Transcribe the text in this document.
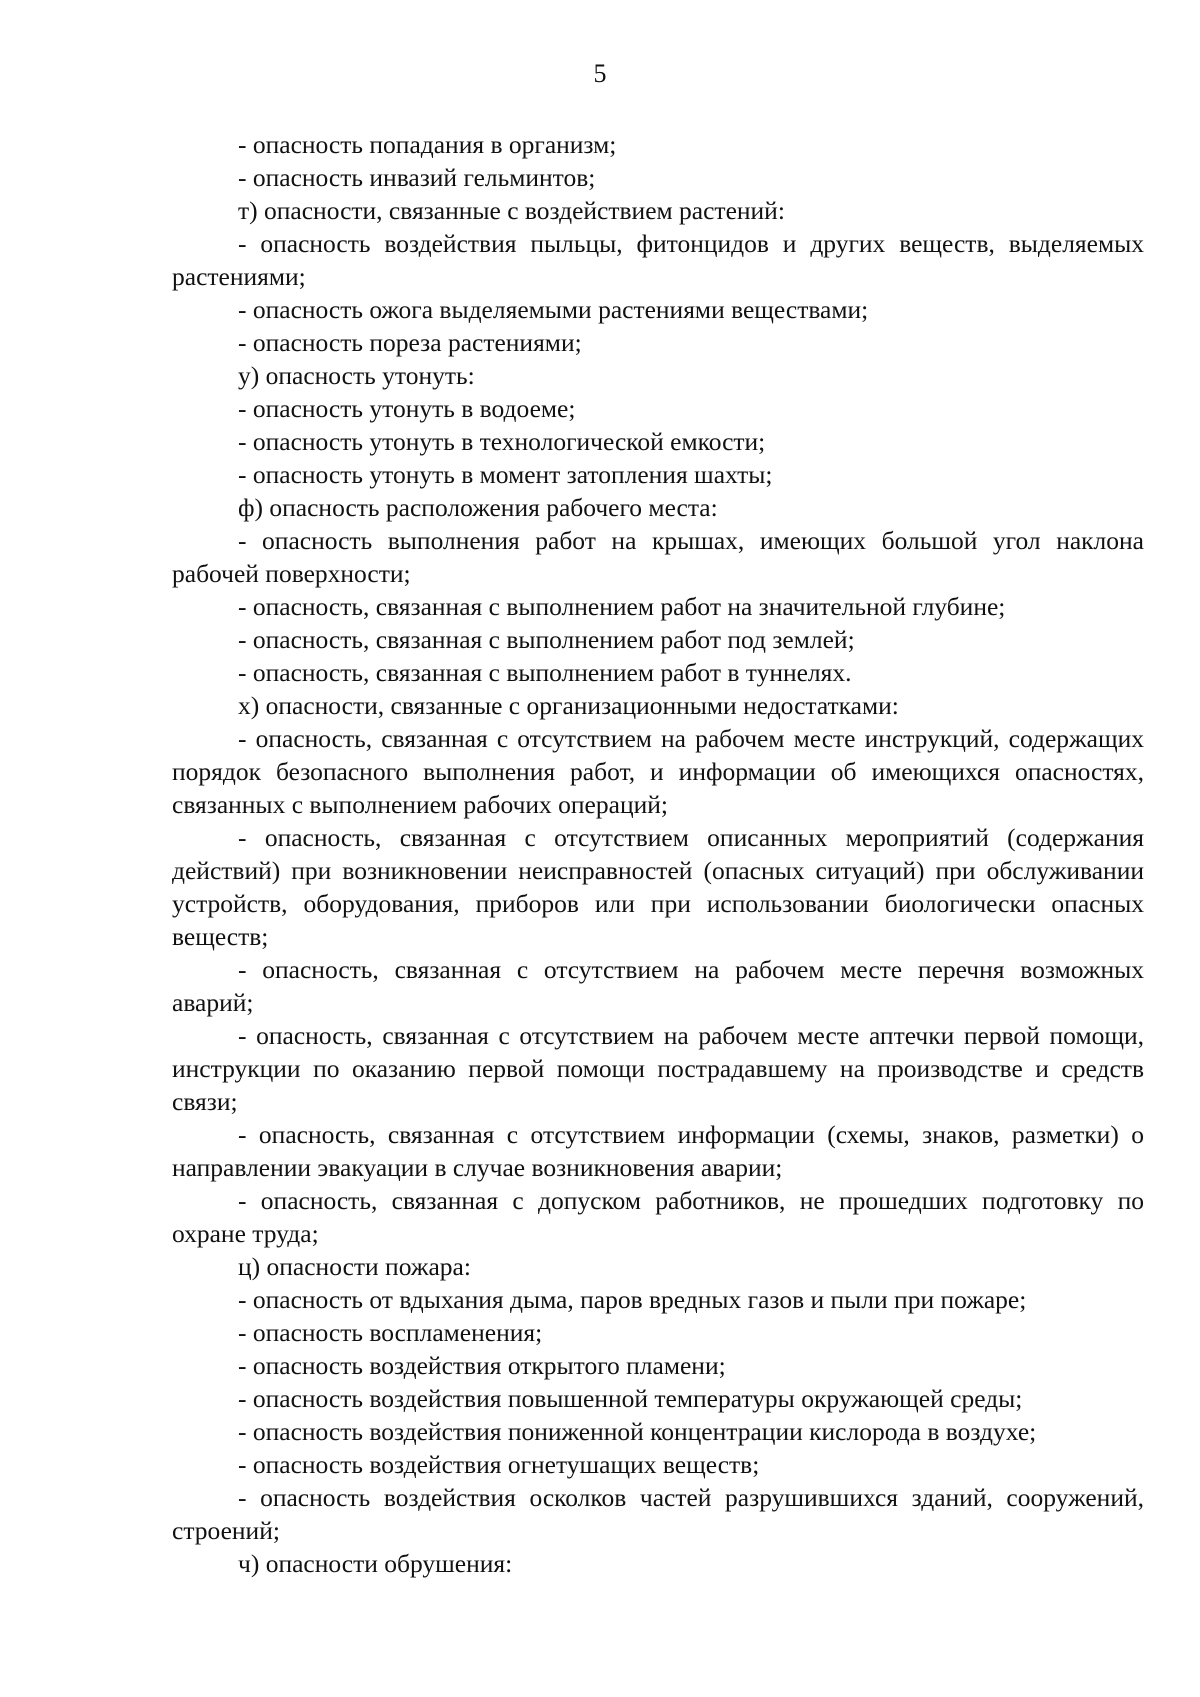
5

- опасность попадания в организм;

- опасность инвазий гельминтов;

т) опасности, связанные с воздействием растений:

- опасность воздействия пыльцы, фитонцидов и других веществ, выделяемых растениями;

- опасность ожога выделяемыми растениями веществами;

- опасность пореза растениями;

у) опасность утонуть:

- опасность утонуть в водоеме;

- опасность утонуть в технологической емкости;

- опасность утонуть в момент затопления шахты;

ф) опасность расположения рабочего места:

- опасность выполнения работ на крышах, имеющих большой угол наклона рабочей поверхности;

- опасность, связанная с выполнением работ на значительной глубине;

- опасность, связанная с выполнением работ под землей;

- опасность, связанная с выполнением работ в туннелях.

х) опасности, связанные с организационными недостатками:

- опасность, связанная с отсутствием на рабочем месте инструкций, содержащих порядок безопасного выполнения работ, и информации об имеющихся опасностях, связанных с выполнением рабочих операций;

- опасность, связанная с отсутствием описанных мероприятий (содержания действий) при возникновении неисправностей (опасных ситуаций) при обслуживании устройств, оборудования, приборов или при использовании биологически опасных веществ;

- опасность, связанная с отсутствием на рабочем месте перечня возможных аварий;

- опасность, связанная с отсутствием на рабочем месте аптечки первой помощи, инструкции по оказанию первой помощи пострадавшему на производстве и средств связи;

- опасность, связанная с отсутствием информации (схемы, знаков, разметки) о направлении эвакуации в случае возникновения аварии;

- опасность, связанная с допуском работников, не прошедших подготовку по охране труда;

ц) опасности пожара:

- опасность от вдыхания дыма, паров вредных газов и пыли при пожаре;

- опасность воспламенения;

- опасность воздействия открытого пламени;

- опасность воздействия повышенной температуры окружающей среды;

- опасность воздействия пониженной концентрации кислорода в воздухе;

- опасность воздействия огнетушащих веществ;

- опасность воздействия осколков частей разрушившихся зданий, сооружений, строений;

ч) опасности обрушения:
